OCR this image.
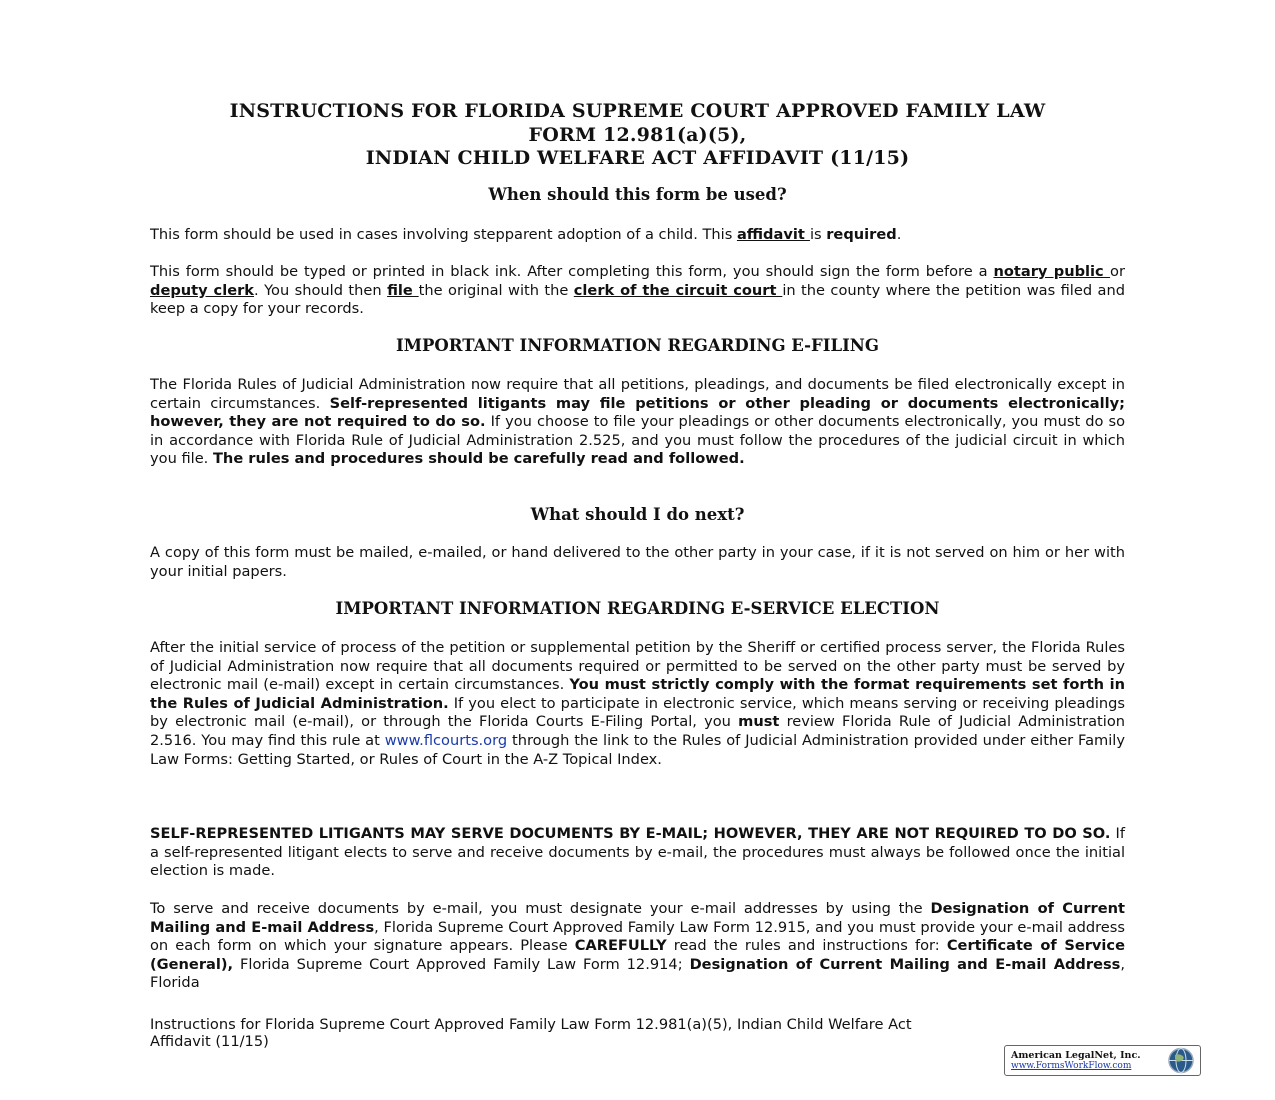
INSTRUCTIONS FOR FLORIDA SUPREME COURT APPROVED FAMILY LAW

FORM 12.981(a)(5),

INDIAN CHILD WELFARE ACT AFFIDAVIT (11/15)

When should this form be used?

This form should be used in cases involving stepparent adoption of a child. This affidavit is required.

This form should be typed or printed in black ink. After completing this form, you should sign the form before a notary public or deputy clerk. You should then file the original with the clerk of the circuit court in the county where the petition was filed and keep a copy for your records.

IMPORTANT INFORMATION REGARDING E-FILING

The Florida Rules of Judicial Administration now require that all petitions, pleadings, and documents be filed electronically except in certain circumstances. Self-represented litigants may file petitions or other pleading or documents electronically; however, they are not required to do so. If you choose to file your pleadings or other documents electronically, you must do so in accordance with Florida Rule of Judicial Administration 2.525, and you must follow the procedures of the judicial circuit in which you file. The rules and procedures should be carefully read and followed.

What should I do next?

A copy of this form must be mailed, e-mailed, or hand delivered to the other party in your case, if it is not served on him or her with your initial papers.

IMPORTANT INFORMATION REGARDING E-SERVICE ELECTION

After the initial service of process of the petition or supplemental petition by the Sheriff or certified process server, the Florida Rules of Judicial Administration now require that all documents required or permitted to be served on the other party must be served by electronic mail (e-mail) except in certain circumstances. You must strictly comply with the format requirements set forth in the Rules of Judicial Administration. If you elect to participate in electronic service, which means serving or receiving pleadings by electronic mail (e-mail), or through the Florida Courts E-Filing Portal, you must review Florida Rule of Judicial Administration 2.516. You may find this rule at www.flcourts.org through the link to the Rules of Judicial Administration provided under either Family Law Forms: Getting Started, or Rules of Court in the A-Z Topical Index.

SELF-REPRESENTED LITIGANTS MAY SERVE DOCUMENTS BY E-MAIL; HOWEVER, THEY ARE NOT REQUIRED TO DO SO. If a self-represented litigant elects to serve and receive documents by e-mail, the procedures must always be followed once the initial election is made.

To serve and receive documents by e-mail, you must designate your e-mail addresses by using the Designation of Current Mailing and E-mail Address, Florida Supreme Court Approved Family Law Form 12.915, and you must provide your e-mail address on each form on which your signature appears. Please CAREFULLY read the rules and instructions for: Certificate of Service (General), Florida Supreme Court Approved Family Law Form 12.914; Designation of Current Mailing and E-mail Address, Florida

Instructions for Florida Supreme Court Approved Family Law Form 12.981(a)(5), Indian Child Welfare Act
Affidavit (11/15)
American LegalNet, Inc.
www.FormsWorkFlow.com
